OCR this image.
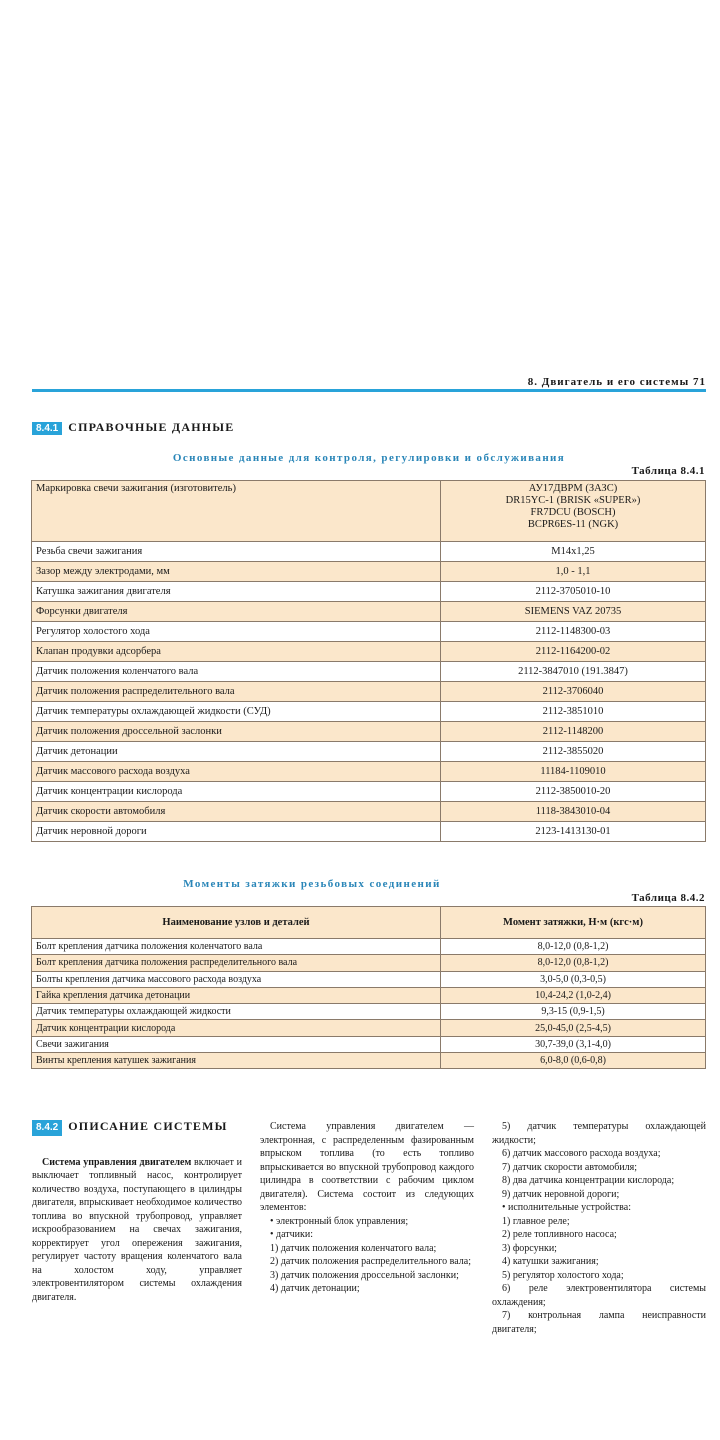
8. Двигатель и его системы 71
8.4.1 СПРАВОЧНЫЕ ДАННЫЕ
Основные данные для контроля, регулировки и обслуживания
Таблица 8.4.1
Маркировка свечи зажигания (изготовитель)	АУ17ДВРМ (ЗАЗС)
DR15YC-1 (BRISK «SUPER»)
FR7DCU (BOSCH)
BCPR6ES-11 (NGK)

Резьба свечи зажигания	M14x1,25
Зазор между электродами, мм	1,0 - 1,1
Катушка зажигания двигателя	2112-3705010-10
Форсунки двигателя	SIEMENS VAZ 20735
Регулятор холостого хода	2112-1148300-03
Клапан продувки адсорбера	2112-1164200-02
Датчик положения коленчатого вала	2112-3847010 (191.3847)
Датчик положения распределительного вала	2112-3706040
Датчик температуры охлаждающей жидкости (СУД)	2112-3851010
Датчик положения дроссельной заслонки	2112-1148200
Датчик детонации	2112-3855020
Датчик массового расхода воздуха	11184-1109010
Датчик концентрации кислорода	2112-3850010-20
Датчик скорости автомобиля	1118-3843010-04
Датчик неровной дороги	2123-1413130-01
Моменты затяжки резьбовых соединений
Таблица 8.4.2
Наименование узлов и деталей	Момент затяжки, Н·м (кгс·м)
Болт крепления датчика положения коленчатого вала	8,0-12,0 (0,8-1,2)
Болт крепления датчика положения распределительного вала	8,0-12,0 (0,8-1,2)
Болты крепления датчика массового расхода воздуха	3,0-5,0 (0,3-0,5)
Гайка крепления датчика детонации	10,4-24,2 (1,0-2,4)
Датчик температуры охлаждающей жидкости	9,3-15 (0,9-1,5)
Датчик концентрации кислорода	25,0-45,0 (2,5-4,5)
Свечи зажигания	30,7-39,0 (3,1-4,0)
Винты крепления катушек зажигания	6,0-8,0 (0,6-0,8)
8.4.2 ОПИСАНИЕ СИСТЕМЫ

Система управления двигателем включает и выключает топливный насос, контролирует количество воздуха, поступающего в цилиндры двигателя, впрыскивает необходимое количество топлива во впускной трубопровод, управляет искрообразованием на свечах зажигания, корректирует угол опережения зажигания, регулирует частоту вращения коленчатого вала на холостом ходу, управляет электровентилятором системы охлаждения двигателя.

Система управления двигателем — электронная, с распределенным фазированным впрыском топлива (то есть топливо впрыскивается во впускной трубопровод каждого цилиндра в соответствии с рабочим циклом двигателя). Система состоит из следующих элементов:

• электронный блок управления;

• датчики:

1) датчик положения коленчатого вала;

2) датчик положения распределительного вала;

3) датчик положения дроссельной заслонки;

4) датчик детонации;

5) датчик температуры охлаждающей жидкости;

6) датчик массового расхода воздуха;

7) датчик скорости автомобиля;

8) два датчика концентрации кислорода;

9) датчик неровной дороги;

• исполнительные устройства:

1) главное реле;

2) реле топливного насоса;

3) форсунки;

4) катушки зажигания;

5) регулятор холостого хода;

6) реле электровентилятора системы охлаждения;

7) контрольная лампа неисправности двигателя;
